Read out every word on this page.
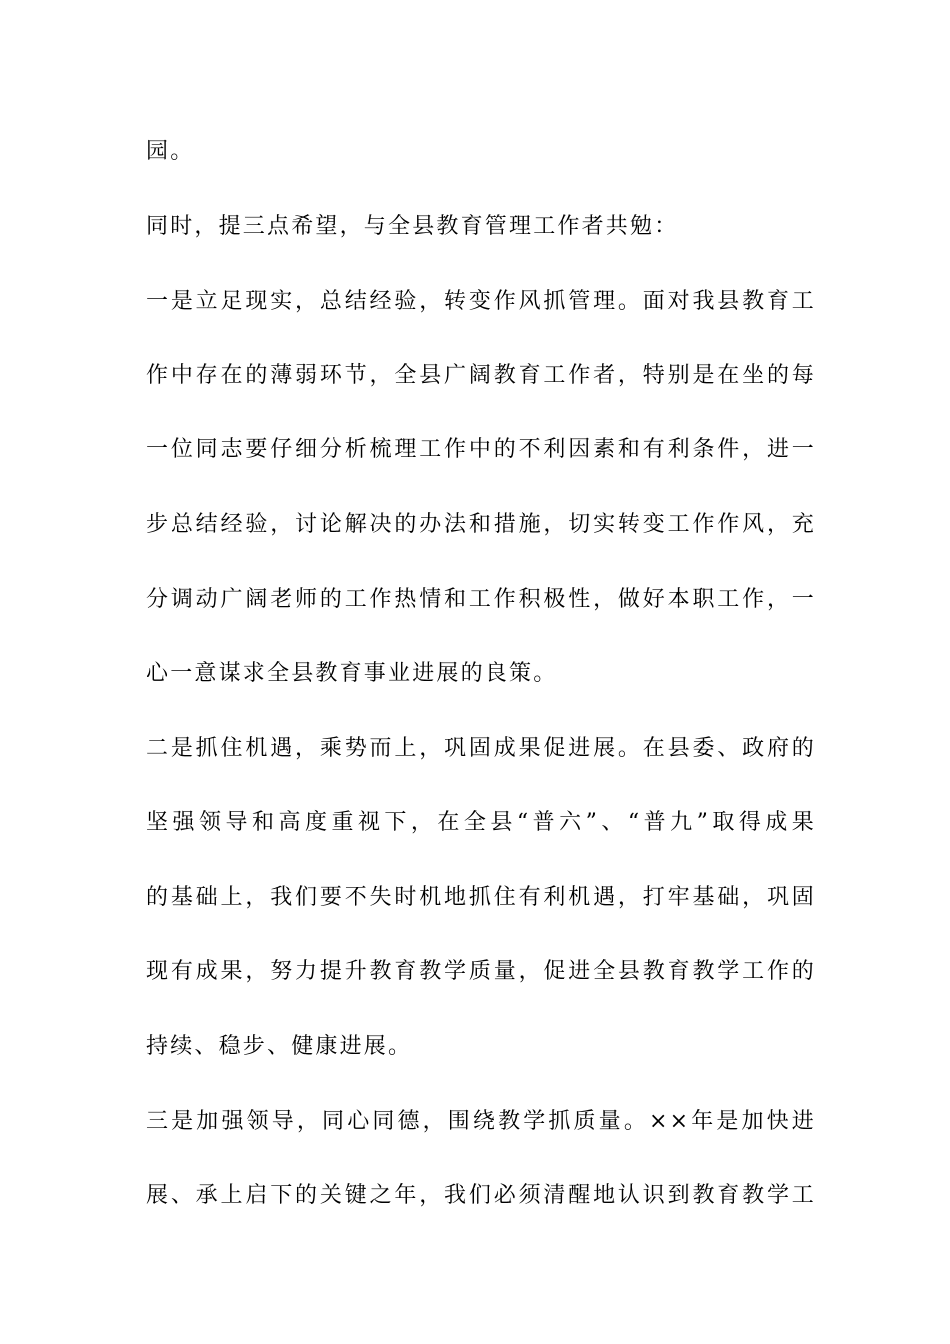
园。
同时，提三点希望，与全县教育管理工作者共勉：
一是立足现实，总结经验，转变作风抓管理。面对我县教育工
作中存在的薄弱环节，全县广阔教育工作者，特别是在坐的每
一位同志要仔细分析梳理工作中的不利因素和有利条件，进一
步总结经验，讨论解决的办法和措施，切实转变工作作风，充
分调动广阔老师的工作热情和工作积极性，做好本职工作，一
心一意谋求全县教育事业进展的良策。
二是抓住机遇，乘势而上，巩固成果促进展。在县委、政府的
坚强领导和高度重视下，在全县“普六”、“普九”取得成果
的基础上，我们要不失时机地抓住有利机遇，打牢基础，巩固
现有成果，努力提升教育教学质量，促进全县教育教学工作的
持续、稳步、健康进展。
三是加强领导，同心同德，围绕教学抓质量。××年是加快进
展、承上启下的关键之年，我们必须清醒地认识到教育教学工
